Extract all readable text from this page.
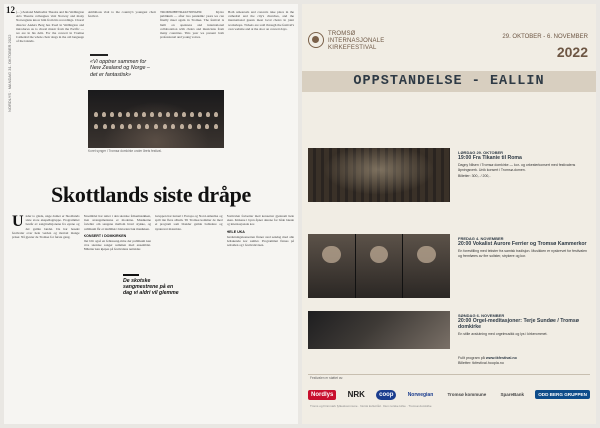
12
NORDLYS · MANDAG 31. OKTOBER 2022
(…) Zealand Methodist Theatre and his Wellington Arts Theatre colleagues visit Norway and many Norwegians know him from his recordings. Choral director Anders Berg has lived in Wellington and introduces us to choral music from the Pacific — we are in his debt. For the concert in Tromsø Cathedral the whole choir sings in the old language of the islands.
Ambitious visit to the country's youngest choir festival.
«Vi opptrer sammen for New Zealand og Norge – det er fantastisk»
TROMSØBETRAKTNINGER: Kjære publikum — after two pandemic years we can finally meet again in Tromsø. The festival is built on openness and international collaboration with choirs and musicians from many countries. This year we present both professional and young voices.
Both rehearsals and concerts take place in the cathedral and the city's churches, and the international guests meet local choirs in joint workshops. Tickets are sold through the festival's own website and at the door on concert days.
Koret synger i Tromsø domkirke under årets festival.
Skottlands siste dråpe
Under to glade, unge damer er Skottlands siste store akapellagruppe. Programmet består av sangtradisjonene fra øyene og det gamle landet. De har besøkt festivaler over hele verden og mottatt mange priser. Nå gjester de Tromsø for første gang.
Ensemblet har røtter i den skotske folkemusikken, men arrangementene er moderne. Musikerne forteller om sangene mellom hvert stykke, og publikum får et innblikk i historien bak musikken.
KONSERT I DOMKIRKEN
Det blir også en fellessang-time der publikum kan lære skotske sanger sammen med ensemblet. Billetter kan kjøpes på festivalens nettsider.
Gruppen har turnert i Europa og Nord-Amerika og spilt inn flere album. Til Tromsø kommer de med et program som blander gamle balladere og nyskrevet materiale.
Festivalen fortsetter med konserter gjennom hele uken. Kirkene i byen åpner dørene for både lokale og internasjonale kor.
HELE UKA
Avslutningskonserten finner sted søndag med alle deltakende kor samlet. Programmet finnes på nettsiden og i festivalavisen.
De skotske sangmestrene på en dag vi aldri vil glemme
TROMSØ
INTERNASJONALE
KIRKEFESTIVAL
29. OKTOBER - 6. NOVEMBER
2022
OPPSTANDELSE - EALLIN
LØRDAG 29. OKTOBER
19:00 Fra Tikanie til Roma
Dagny Nilsen i Tromsø domkirke — kor- og orkesterkonsert med festivalens åpningsverk. Unik konsert i Tromsø-domen.
Billetter: 300,- / 200,-
FREDAG 4. NOVEMBER
20:00 Vokalist Aurore Ferrier og Tromsø Kammerkor
En forestilling med tekster fra samisk tradisjon. Musikken er nyskrevet for festivalen og fremføres av fire solister, strykere og kor.
SØNDAG 6. NOVEMBER
20:00 Orgel-meditasjoner: Terje Sundøe / Tromsø domkirke
En stille avslutning med orgelmusikk og lys i kirkerommet.
Fullt program på www.tkfestival.no
Billetter: tkfestival.hoopla.no
Festivalen er støttet av:
Nordlys	NRK	coop	Norwegian	Tromsø kommune	SpareBank	ODD BERG GRUPPEN
Troms og Finnmark fylkeskommune · Norsk kulturråd · Den norske kirke · Tromsø domkirke
